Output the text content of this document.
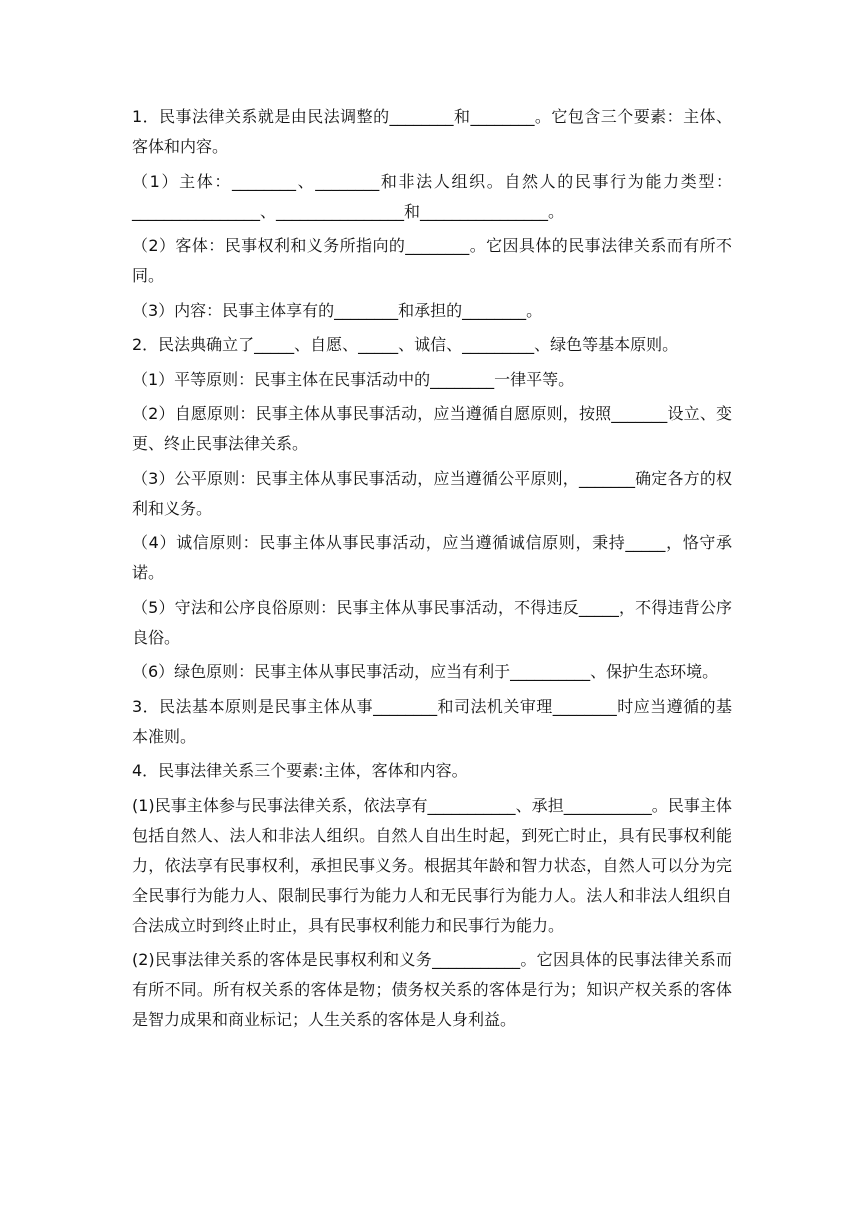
1．民事法律关系就是由民法调整的________和________。它包含三个要素：主体、客体和内容。

（1）主体：________、________和非法人组织。自然人的民事行为能力类型：________________、________________和________________。

（2）客体：民事权利和义务所指向的________。它因具体的民事法律关系而有所不同。

（3）内容：民事主体享有的________和承担的________。

2．民法典确立了_____、自愿、_____、诚信、_________、绿色等基本原则。

（1）平等原则：民事主体在民事活动中的________一律平等。

（2）自愿原则：民事主体从事民事活动，应当遵循自愿原则，按照_______设立、变更、终止民事法律关系。

（3）公平原则：民事主体从事民事活动，应当遵循公平原则，_______确定各方的权利和义务。

（4）诚信原则：民事主体从事民事活动，应当遵循诚信原则，秉持_____，恪守承诺。

（5）守法和公序良俗原则：民事主体从事民事活动，不得违反_____，不得违背公序良俗。

（6）绿色原则：民事主体从事民事活动，应当有利于__________、保护生态环境。

3．民法基本原则是民事主体从事________和司法机关审理________时应当遵循的基本准则。

4．民事法律关系三个要素:主体，客体和内容。

(1)民事主体参与民事法律关系，依法享有___________、承担___________。民事主体包括自然人、法人和非法人组织。自然人自出生时起，到死亡时止，具有民事权利能力，依法享有民事权利，承担民事义务。根据其年龄和智力状态，自然人可以分为完全民事行为能力人、限制民事行为能力人和无民事行为能力人。法人和非法人组织自合法成立时到终止时止，具有民事权利能力和民事行为能力。

(2)民事法律关系的客体是民事权利和义务___________。它因具体的民事法律关系而有所不同。所有权关系的客体是物；债务权关系的客体是行为；知识产权关系的客体是智力成果和商业标记；人生关系的客体是人身利益。
